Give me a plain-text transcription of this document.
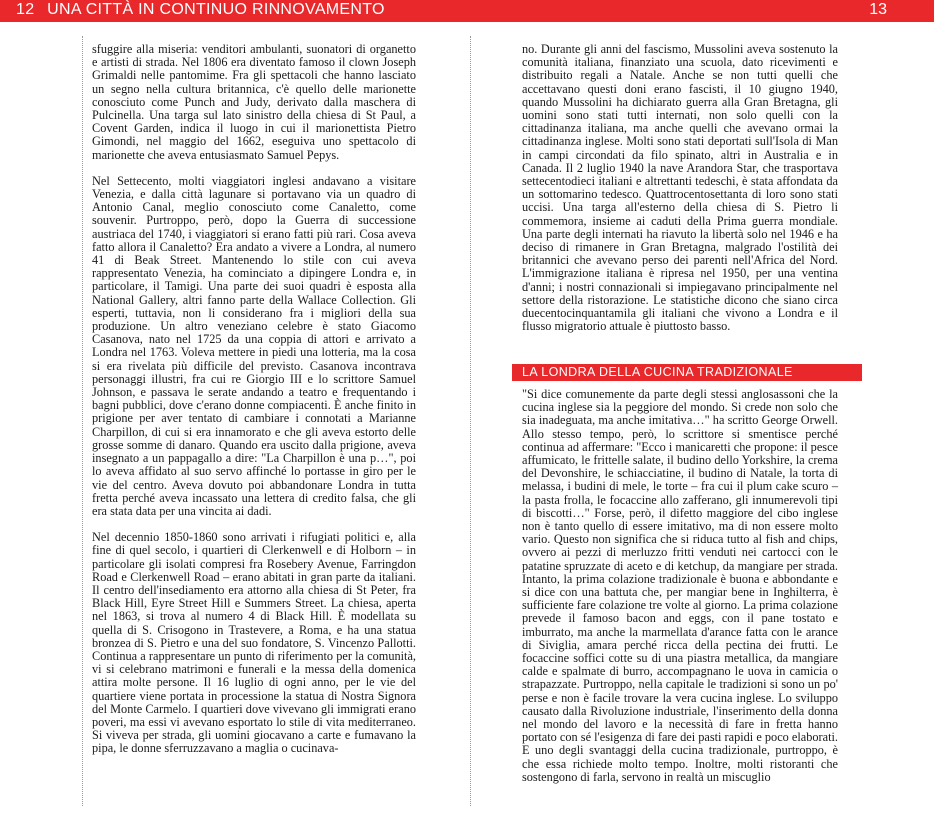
12 UNA CITTÀ IN CONTINUO RINNOVAMENTO	13

sfuggire alla miseria: venditori ambulanti, suonatori di organetto e artisti di strada. Nel 1806 era diventato famoso il clown Joseph Grimaldi nelle pantomime. Fra gli spettacoli che hanno lasciato un segno nella cultura britannica, c'è quello delle marionette conosciuto come Punch and Judy, derivato dalla maschera di Pulcinella. Una targa sul lato sinistro della chiesa di St Paul, a Covent Garden, indica il luogo in cui il marionettista Pietro Gimondi, nel maggio del 1662, eseguiva uno spettacolo di marionette che aveva entusiasmato Samuel Pepys.

Nel Settecento, molti viaggiatori inglesi andavano a visitare Venezia, e dalla città lagunare si portavano via un quadro di Antonio Canal, meglio conosciuto come Canaletto, come souvenir. Purtroppo, però, dopo la Guerra di successione austriaca del 1740, i viaggiatori si erano fatti più rari. Cosa aveva fatto allora il Canaletto? Era andato a vivere a Londra, al numero 41 di Beak Street. Mantenendo lo stile con cui aveva rappresentato Venezia, ha cominciato a dipingere Londra e, in particolare, il Tamigi. Una parte dei suoi quadri è esposta alla National Gallery, altri fanno parte della Wallace Collection. Gli esperti, tuttavia, non li considerano fra i migliori della sua produzione. Un altro veneziano celebre è stato Giacomo Casanova, nato nel 1725 da una coppia di attori e arrivato a Londra nel 1763. Voleva mettere in piedi una lotteria, ma la cosa si era rivelata più difficile del previsto. Casanova incontrava personaggi illustri, fra cui re Giorgio III e lo scrittore Samuel Johnson, e passava le serate andando a teatro e frequentando i bagni pubblici, dove c'erano donne compiacenti. È anche finito in prigione per aver tentato di cambiare i connotati a Marianne Charpillon, di cui si era innamorato e che gli aveva estorto delle grosse somme di danaro. Quando era uscito dalla prigione, aveva insegnato a un pappagallo a dire: "La Charpillon è una p…", poi lo aveva affidato al suo servo affinché lo portasse in giro per le vie del centro. Aveva dovuto poi abbandonare Londra in tutta fretta perché aveva incassato una lettera di credito falsa, che gli era stata data per una vincita ai dadi.

Nel decennio 1850-1860 sono arrivati i rifugiati politici e, alla fine di quel secolo, i quartieri di Clerkenwell e di Holborn – in particolare gli isolati compresi fra Rosebery Avenue, Farringdon Road e Clerkenwell Road – erano abitati in gran parte da italiani. Il centro dell'insediamento era attorno alla chiesa di St Peter, fra Black Hill, Eyre Street Hill e Summers Street. La chiesa, aperta nel 1863, si trova al numero 4 di Black Hill. È modellata su quella di S. Crisogono in Trastevere, a Roma, e ha una statua bronzea di S. Pietro e una del suo fondatore, S. Vincenzo Pallotti. Continua a rappresentare un punto di riferimento per la comunità, vi si celebrano matrimoni e funerali e la messa della domenica attira molte persone. Il 16 luglio di ogni anno, per le vie del quartiere viene portata in processione la statua di Nostra Signora del Monte Carmelo. I quartieri dove vivevano gli immigrati erano poveri, ma essi vi avevano esportato lo stile di vita mediterraneo. Si viveva per strada, gli uomini giocavano a carte e fumavano la pipa, le donne sferruzzavano a maglia o cucinava-

no. Durante gli anni del fascismo, Mussolini aveva sostenuto la comunità italiana, finanziato una scuola, dato ricevimenti e distribuito regali a Natale. Anche se non tutti quelli che accettavano questi doni erano fascisti, il 10 giugno 1940, quando Mussolini ha dichiarato guerra alla Gran Bretagna, gli uomini sono stati tutti internati, non solo quelli con la cittadinanza italiana, ma anche quelli che avevano ormai la cittadinanza inglese. Molti sono stati deportati sull'Isola di Man in campi circondati da filo spinato, altri in Australia e in Canada. Il 2 luglio 1940 la nave Arandora Star, che trasportava settecentodieci italiani e altrettanti tedeschi, è stata affondata da un sottomarino tedesco. Quattrocentosettanta di loro sono stati uccisi. Una targa all'esterno della chiesa di S. Pietro li commemora, insieme ai caduti della Prima guerra mondiale. Una parte degli internati ha riavuto la libertà solo nel 1946 e ha deciso di rimanere in Gran Bretagna, malgrado l'ostilità dei britannici che avevano perso dei parenti nell'Africa del Nord. L'immigrazione italiana è ripresa nel 1950, per una ventina d'anni; i nostri connazionali si impiegavano principalmente nel settore della ristorazione. Le statistiche dicono che siano circa duecentocinquantamila gli italiani che vivono a Londra e il flusso migratorio attuale è piuttosto basso.

LA LONDRA DELLA CUCINA TRADIZIONALE

"Si dice comunemente da parte degli stessi anglosassoni che la cucina inglese sia la peggiore del mondo. Si crede non solo che sia inadeguata, ma anche imitativa…" ha scritto George Orwell. Allo stesso tempo, però, lo scrittore si smentisce perché continua ad affermare: "Ecco i manicaretti che propone: il pesce affumicato, le frittelle salate, il budino dello Yorkshire, la crema del Devonshire, le schiacciatine, il budino di Natale, la torta di melassa, i budini di mele, le torte – fra cui il plum cake scuro – la pasta frolla, le focaccine allo zafferano, gli innumerevoli tipi di biscotti…" Forse, però, il difetto maggiore del cibo inglese non è tanto quello di essere imitativo, ma di non essere molto vario. Questo non significa che si riduca tutto al fish and chips, ovvero ai pezzi di merluzzo fritti venduti nei cartocci con le patatine spruzzate di aceto e di ketchup, da mangiare per strada. Intanto, la prima colazione tradizionale è buona e abbondante e si dice con una battuta che, per mangiar bene in Inghilterra, è sufficiente fare colazione tre volte al giorno. La prima colazione prevede il famoso bacon and eggs, con il pane tostato e imburrato, ma anche la marmellata d'arance fatta con le arance di Siviglia, amara perché ricca della pectina dei frutti. Le focaccine soffici cotte su di una piastra metallica, da mangiare calde e spalmate di burro, accompagnano le uova in camicia o strapazzate. Purtroppo, nella capitale le tradizioni si sono un po' perse e non è facile trovare la vera cucina inglese. Lo sviluppo causato dalla Rivoluzione industriale, l'inserimento della donna nel mondo del lavoro e la necessità di fare in fretta hanno portato con sé l'esigenza di fare dei pasti rapidi e poco elaborati. E uno degli svantaggi della cucina tradizionale, purtroppo, è che essa richiede molto tempo. Inoltre, molti ristoranti che sostengono di farla, servono in realtà un miscuglio
